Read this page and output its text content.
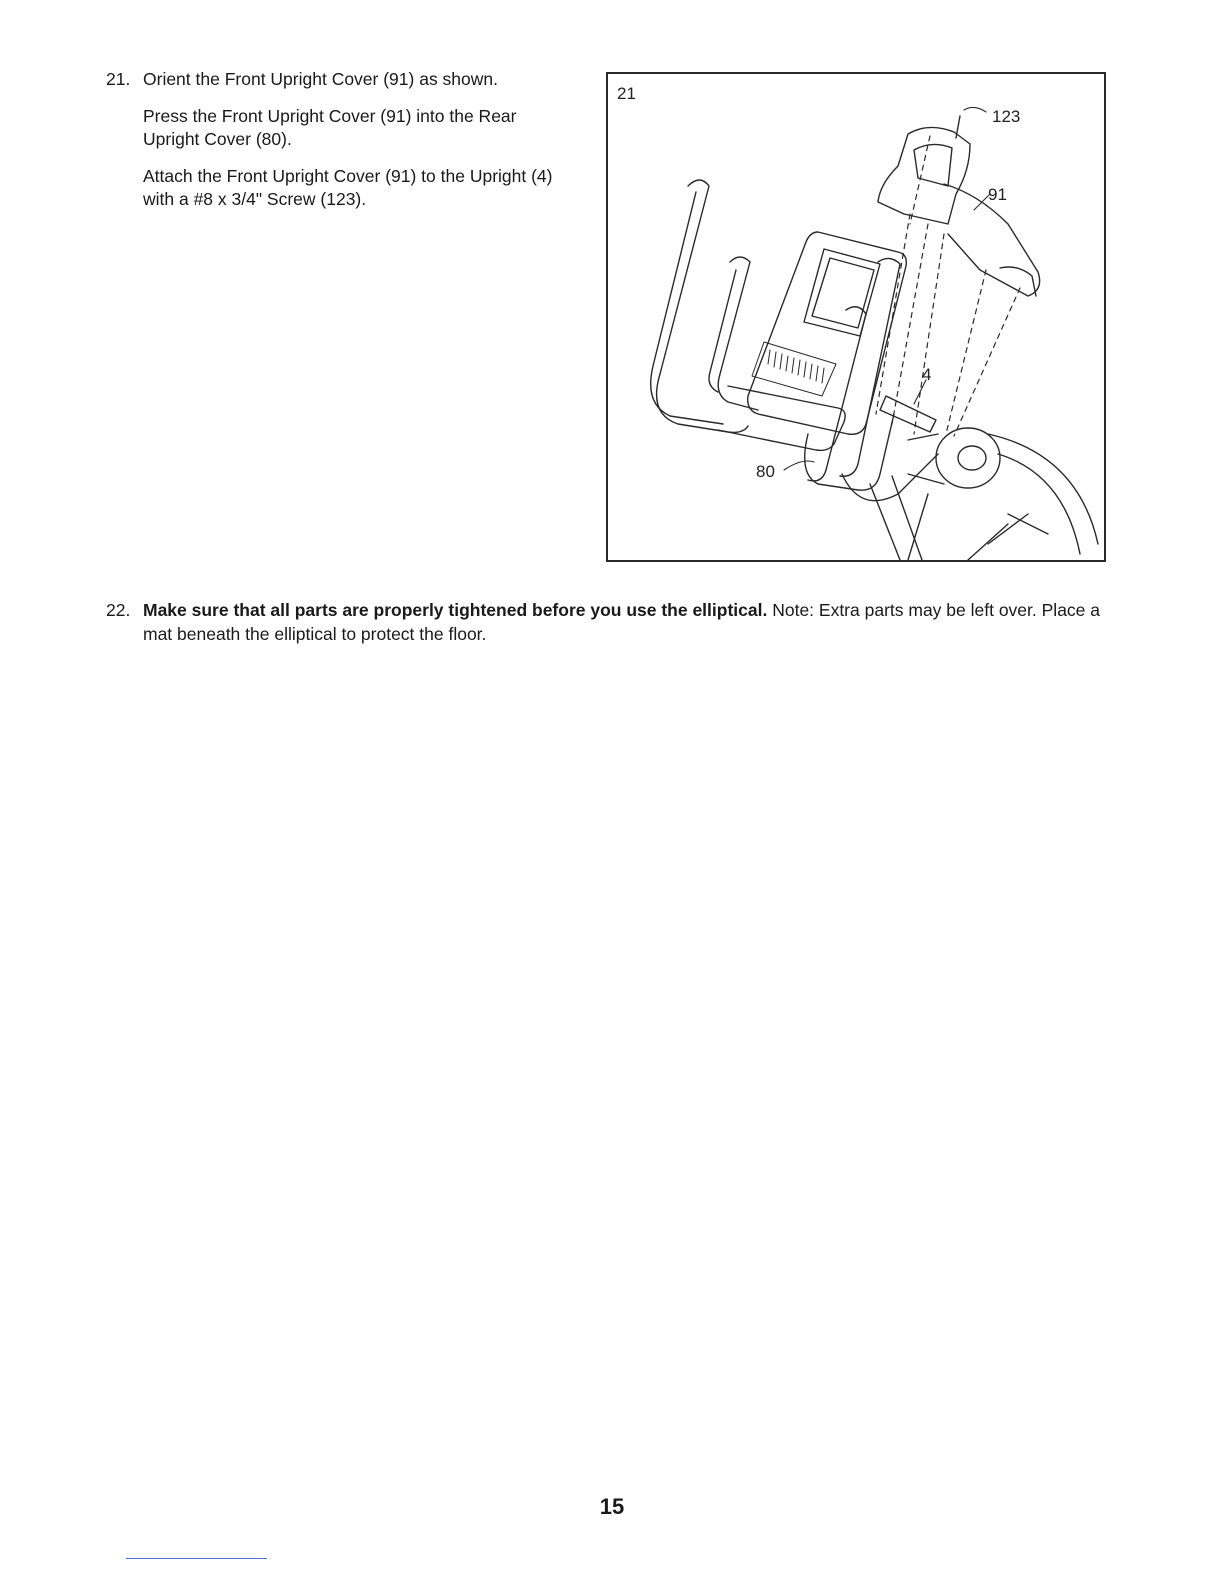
21. Orient the Front Upright Cover (91) as shown.

Press the Front Upright Cover (91) into the Rear Upright Cover (80).

Attach the Front Upright Cover (91) to the Upright (4) with a #8 x 3/4" Screw (123).

21
123
91
4
80
22. Make sure that all parts are properly tightened before you use the elliptical. Note: Extra parts may be left over. Place a mat beneath the elliptical to protect the floor.
15
